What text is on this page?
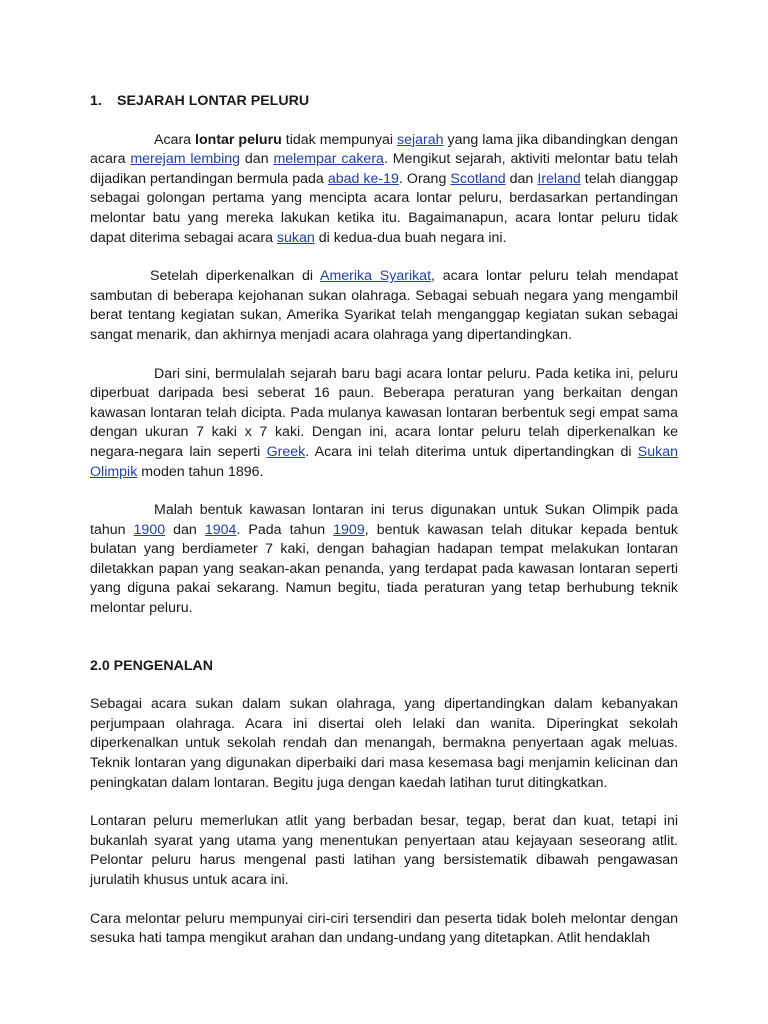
1. SEJARAH LONTAR PELURU

Acara lontar peluru tidak mempunyai sejarah yang lama jika dibandingkan dengan acara merejam lembing dan melempar cakera. Mengikut sejarah, aktiviti melontar batu telah dijadikan pertandingan bermula pada abad ke-19. Orang Scotland dan Ireland telah dianggap sebagai golongan pertama yang mencipta acara lontar peluru, berdasarkan pertandingan melontar batu yang mereka lakukan ketika itu. Bagaimanapun, acara lontar peluru tidak dapat diterima sebagai acara sukan di kedua-dua buah negara ini.

Setelah diperkenalkan di Amerika Syarikat, acara lontar peluru telah mendapat sambutan di beberapa kejohanan sukan olahraga. Sebagai sebuah negara yang mengambil berat tentang kegiatan sukan, Amerika Syarikat telah menganggap kegiatan sukan sebagai sangat menarik, dan akhirnya menjadi acara olahraga yang dipertandingkan.

Dari sini, bermulalah sejarah baru bagi acara lontar peluru. Pada ketika ini, peluru diperbuat daripada besi seberat 16 paun. Beberapa peraturan yang berkaitan dengan kawasan lontaran telah dicipta. Pada mulanya kawasan lontaran berbentuk segi empat sama dengan ukuran 7 kaki x 7 kaki. Dengan ini, acara lontar peluru telah diperkenalkan ke negara-negara lain seperti Greek. Acara ini telah diterima untuk dipertandingkan di Sukan Olimpik moden tahun 1896.

Malah bentuk kawasan lontaran ini terus digunakan untuk Sukan Olimpik pada tahun 1900 dan 1904. Pada tahun 1909, bentuk kawasan telah ditukar kepada bentuk bulatan yang berdiameter 7 kaki, dengan bahagian hadapan tempat melakukan lontaran diletakkan papan yang seakan-akan penanda, yang terdapat pada kawasan lontaran seperti yang diguna pakai sekarang. Namun begitu, tiada peraturan yang tetap berhubung teknik melontar peluru.

2.0 PENGENALAN

Sebagai acara sukan dalam sukan olahraga, yang dipertandingkan dalam kebanyakan perjumpaan olahraga. Acara ini disertai oleh lelaki dan wanita. Diperingkat sekolah diperkenalkan untuk sekolah rendah dan menangah, bermakna penyertaan agak meluas. Teknik lontaran yang digunakan diperbaiki dari masa kesemasa bagi menjamin kelicinan dan peningkatan dalam lontaran. Begitu juga dengan kaedah latihan turut ditingkatkan.

Lontaran peluru memerlukan atlit yang berbadan besar, tegap, berat dan kuat, tetapi ini bukanlah syarat yang utama yang menentukan penyertaan atau kejayaan seseorang atlit. Pelontar peluru harus mengenal pasti latihan yang bersistematik dibawah pengawasan jurulatih khusus untuk acara ini.

Cara melontar peluru mempunyai ciri-ciri tersendiri dan peserta tidak boleh melontar dengan sesuka hati tampa mengikut arahan dan undang-undang yang ditetapkan. Atlit hendaklah
